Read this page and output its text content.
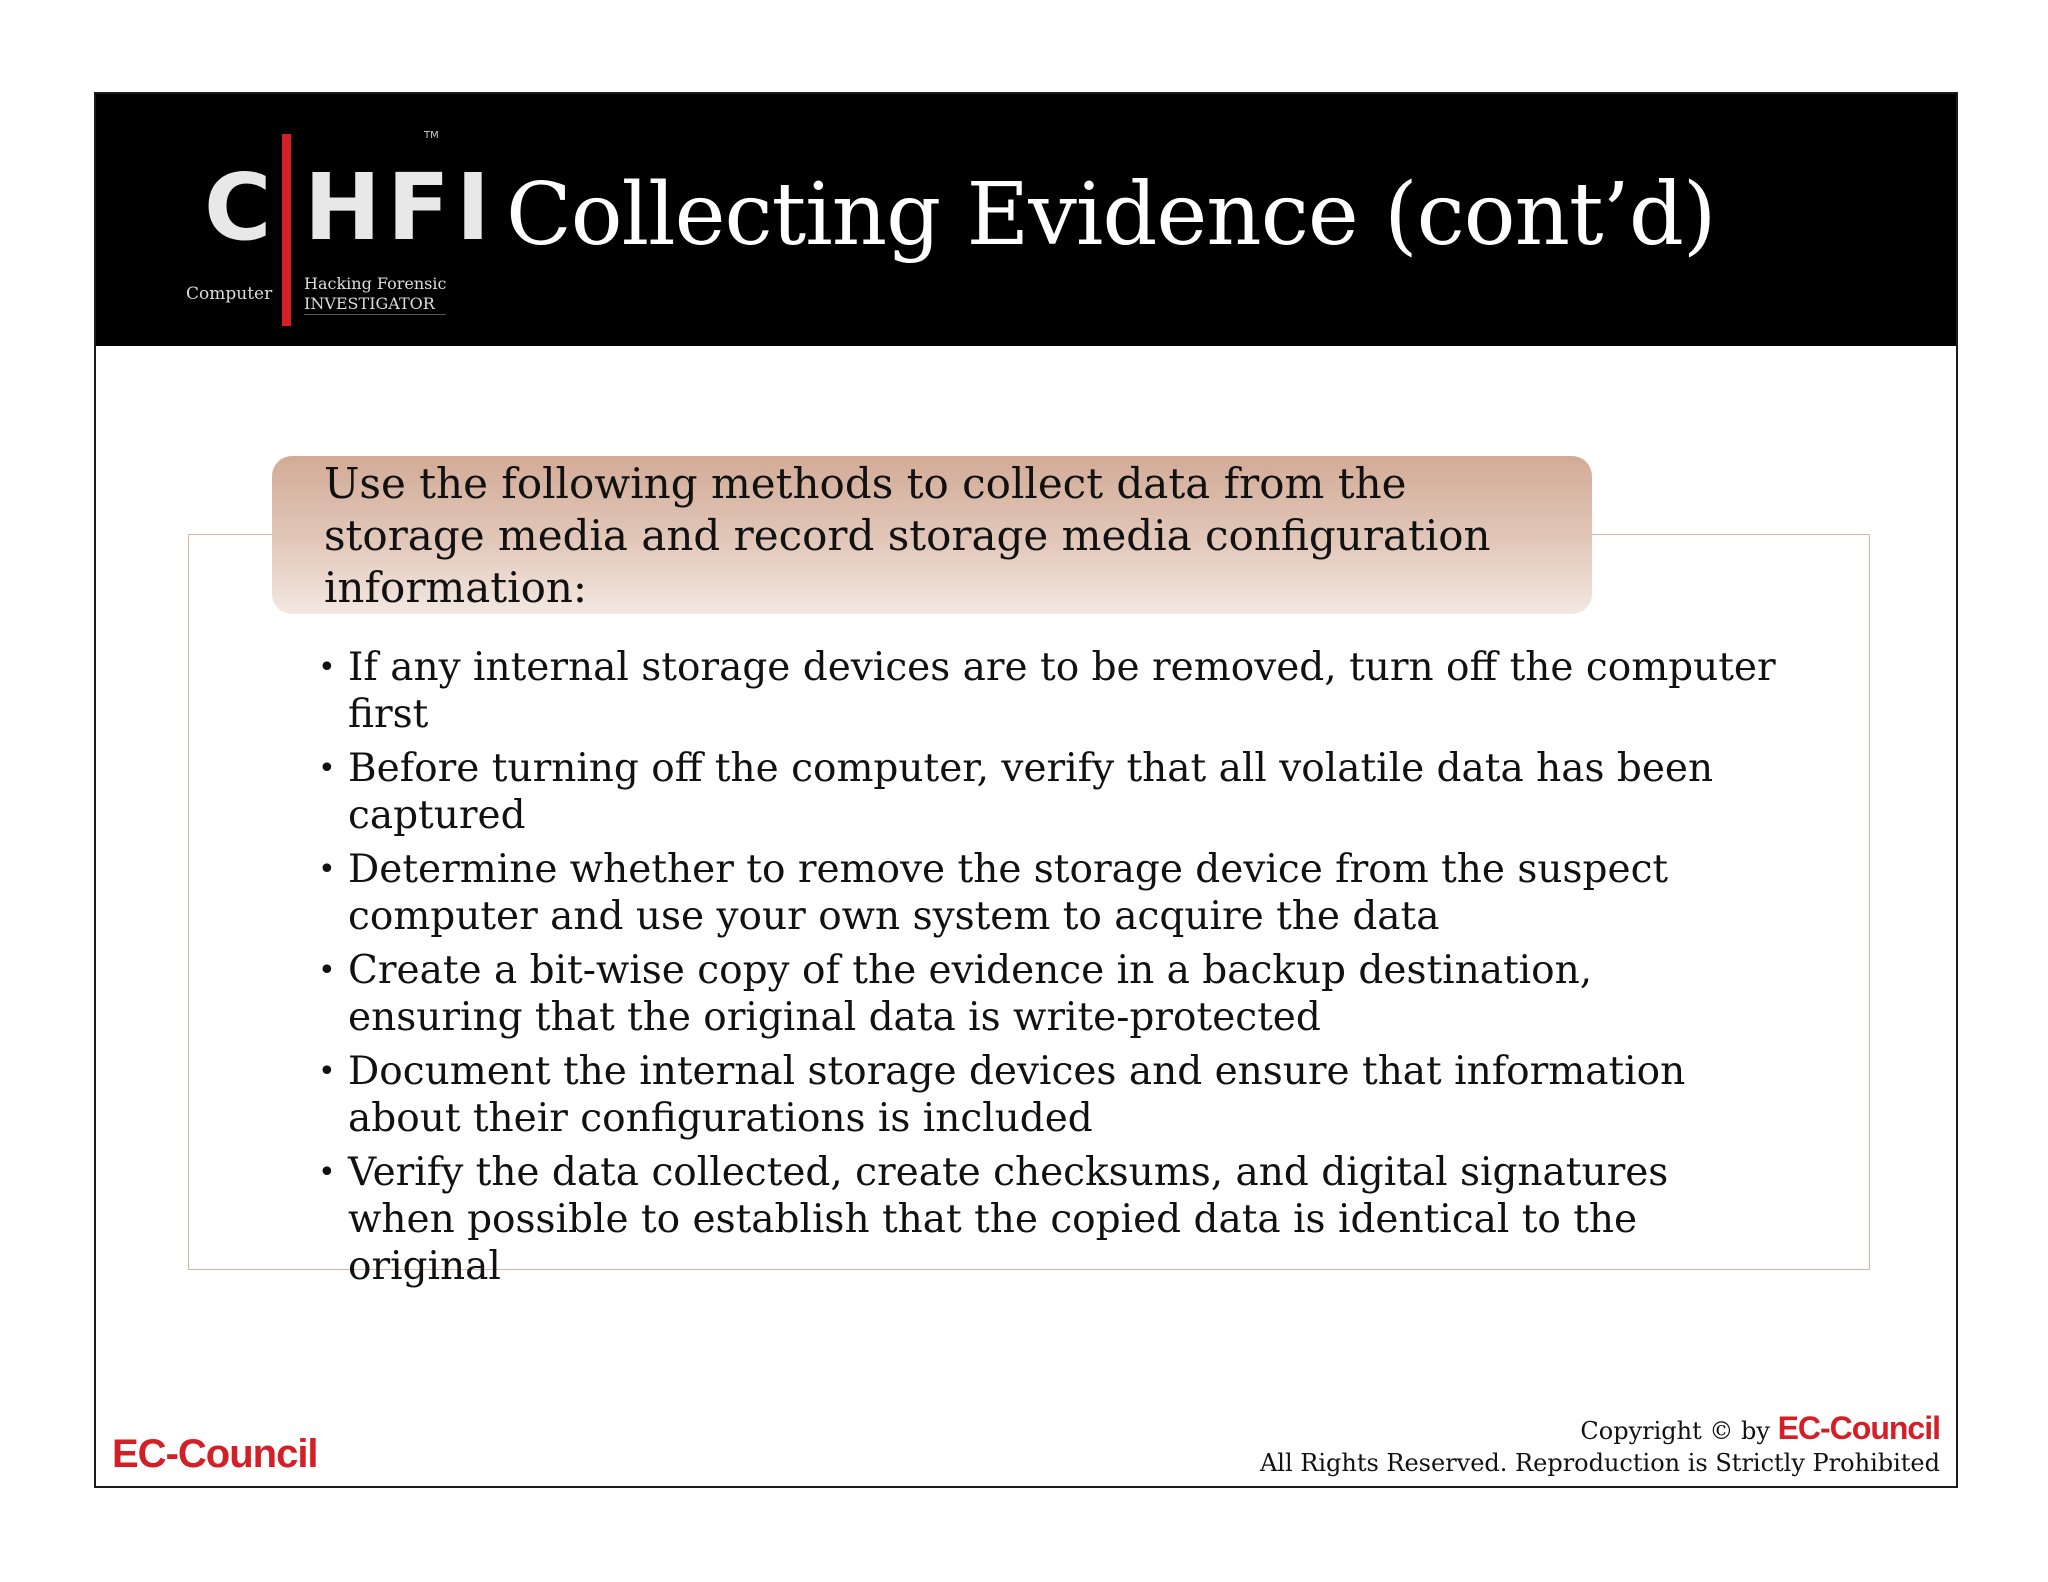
C HFI
TM
Computer
Hacking Forensic
INVESTIGATOR
Collecting Evidence (cont’d)
Use the following methods to collect data from the storage media and record storage media configuration information:
• If any internal storage devices are to be removed, turn off the computer first
• Before turning off the computer, verify that all volatile data has been captured
• Determine whether to remove the storage device from the suspect computer and use your own system to acquire the data
• Create a bit-wise copy of the evidence in a backup destination, ensuring that the original data is write-protected
• Document the internal storage devices and ensure that information about their configurations is included
• Verify the data collected, create checksums, and digital signatures when possible to establish that the copied data is identical to the original
EC-Council
Copyright © by EC-Council
All Rights Reserved. Reproduction is Strictly Prohibited
